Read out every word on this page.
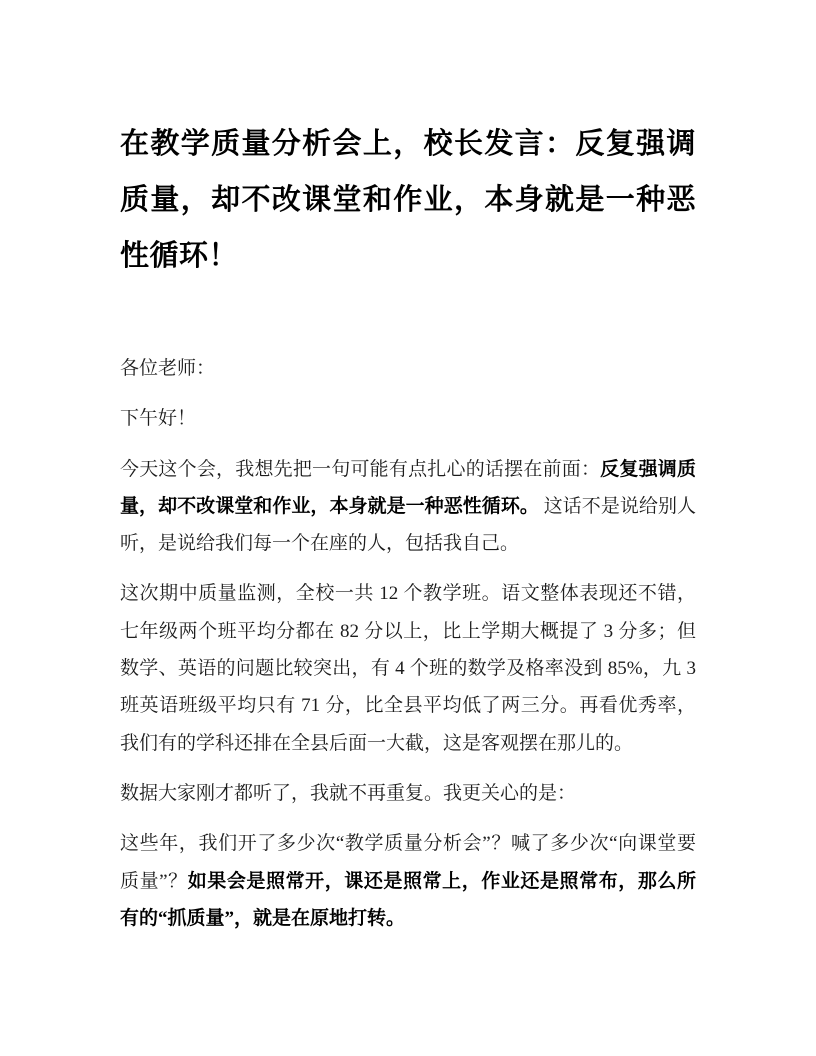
在教学质量分析会上，校长发言：反复强调质量，却不改课堂和作业，本身就是一种恶性循环！

各位老师：

下午好！

今天这个会，我想先把一句可能有点扎心的话摆在前面：反复强调质量，却不改课堂和作业，本身就是一种恶性循环。 这话不是说给别人听，是说给我们每一个在座的人，包括我自己。

这次期中质量监测，全校一共 12 个教学班。语文整体表现还不错，七年级两个班平均分都在 82 分以上，比上学期大概提了 3 分多；但数学、英语的问题比较突出，有 4 个班的数学及格率没到 85%，九 3 班英语班级平均只有 71 分，比全县平均低了两三分。再看优秀率，我们有的学科还排在全县后面一大截，这是客观摆在那儿的。

数据大家刚才都听了，我就不再重复。我更关心的是：

这些年，我们开了多少次“教学质量分析会”？喊了多少次“向课堂要质量”？如果会是照常开，课还是照常上，作业还是照常布，那么所有的“抓质量”，就是在原地打转。
